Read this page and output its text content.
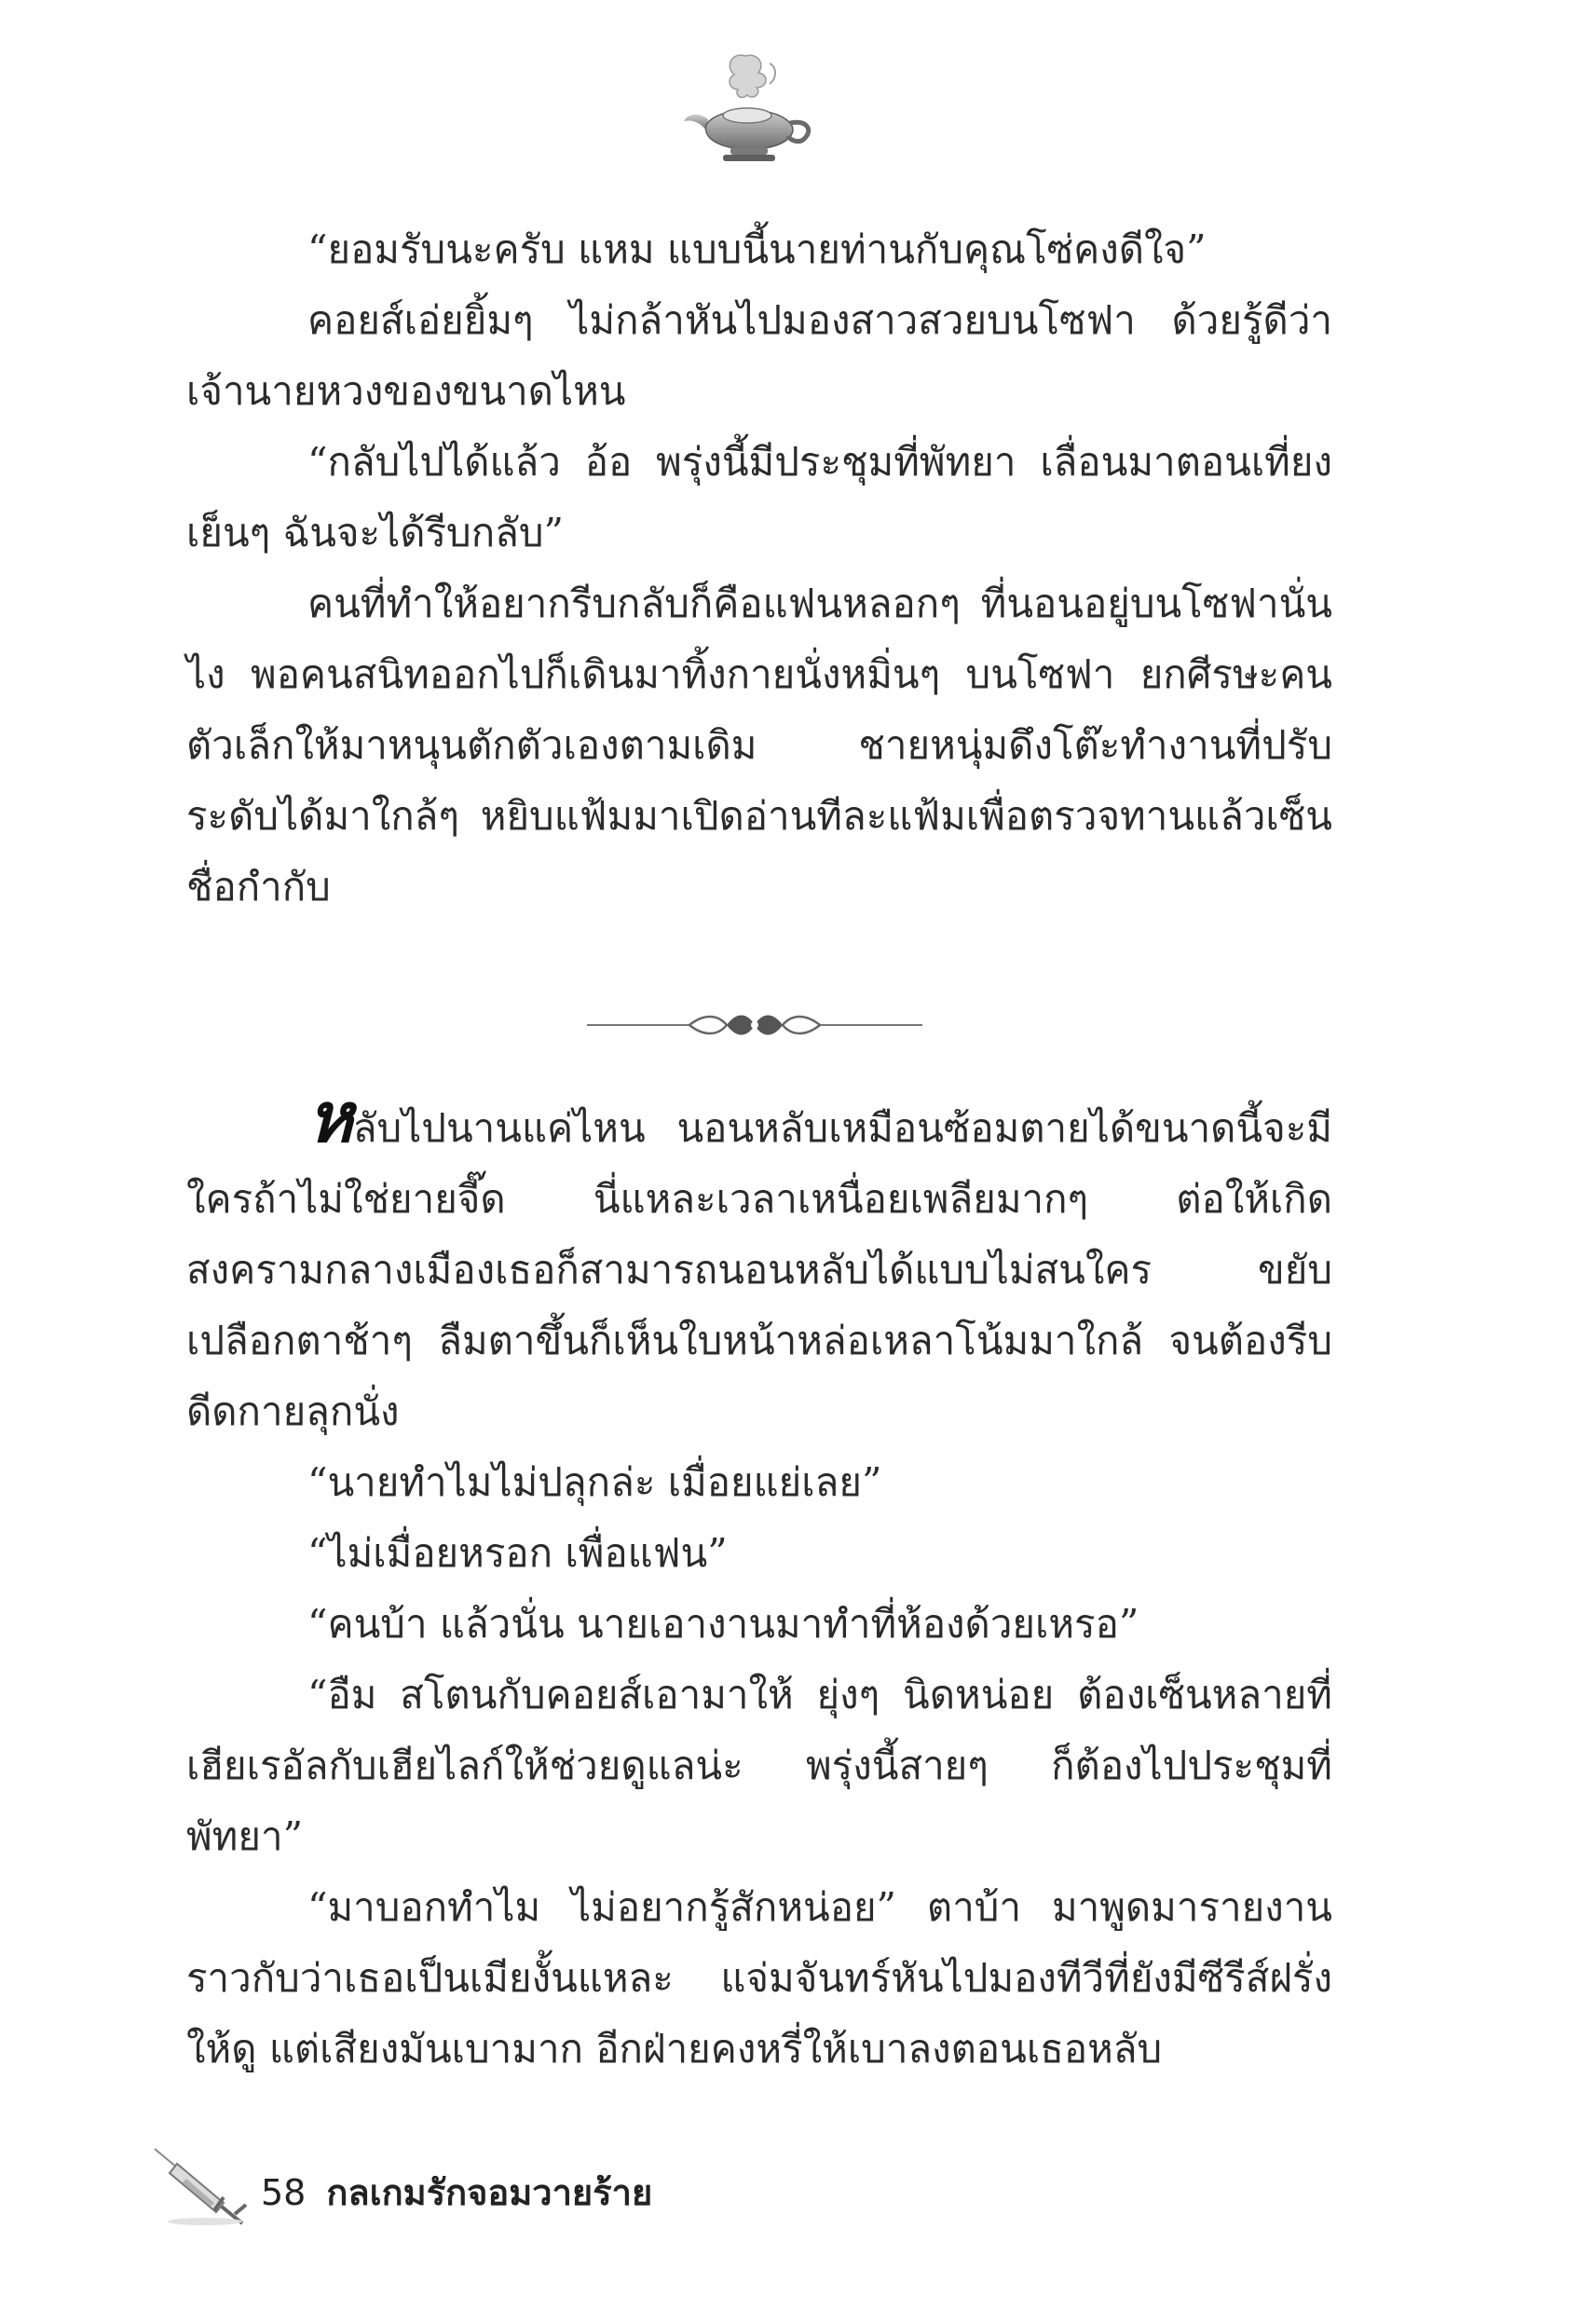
“ยอมรับนะครับ แหม แบบนี้นายท่านกับคุณโซ่คงดีใจ”

คอยส์เอ่ยยิ้มๆ ไม่กล้าหันไปมองสาวสวยบนโซฟา ด้วยรู้ดีว่าเจ้านายหวงของขนาดไหน

“กลับไปได้แล้ว อ้อ พรุ่งนี้มีประชุมที่พัทยา เลื่อนมาตอนเที่ยงเย็นๆ ฉันจะได้รีบกลับ”

คนที่ทำให้อยากรีบกลับก็คือแฟนหลอกๆ ที่นอนอยู่บนโซฟานั่นไง พอคนสนิทออกไปก็เดินมาทิ้งกายนั่งหมิ่นๆ บนโซฟา ยกศีรษะคนตัวเล็กให้มาหนุนตักตัวเองตามเดิม ชายหนุ่มดึงโต๊ะทำงานที่ปรับระดับได้มาใกล้ๆ หยิบแฟ้มมาเปิดอ่านทีละแฟ้มเพื่อตรวจทานแล้วเซ็นชื่อกำกับ

หลับไปนานแค่ไหน นอนหลับเหมือนซ้อมตายได้ขนาดนี้จะมีใครถ้าไม่ใช่ยายจี๊ด นี่แหละเวลาเหนื่อยเพลียมากๆ ต่อให้เกิดสงครามกลางเมืองเธอก็สามารถนอนหลับได้แบบไม่สนใคร ขยับเปลือกตาช้าๆ ลืมตาขึ้นก็เห็นใบหน้าหล่อเหลาโน้มมาใกล้ จนต้องรีบดีดกายลุกนั่ง

“นายทำไมไม่ปลุกล่ะ เมื่อยแย่เลย”

“ไม่เมื่อยหรอก เพื่อแฟน”

“คนบ้า แล้วนั่น นายเอางานมาทำที่ห้องด้วยเหรอ”

“อืม สโตนกับคอยส์เอามาให้ ยุ่งๆ นิดหน่อย ต้องเซ็นหลายที่เฮียเรอัลกับเฮียไลก์ให้ช่วยดูแลน่ะ พรุ่งนี้สายๆ ก็ต้องไปประชุมที่พัทยา”

“มาบอกทำไม ไม่อยากรู้สักหน่อย” ตาบ้า มาพูดมารายงานราวกับว่าเธอเป็นเมียงั้นแหละ แจ่มจันทร์หันไปมองทีวีที่ยังมีซีรีส์ฝรั่งให้ดู แต่เสียงมันเบามาก อีกฝ่ายคงหรี่ให้เบาลงตอนเธอหลับ

58 กลเกมรักจอมวายร้าย
